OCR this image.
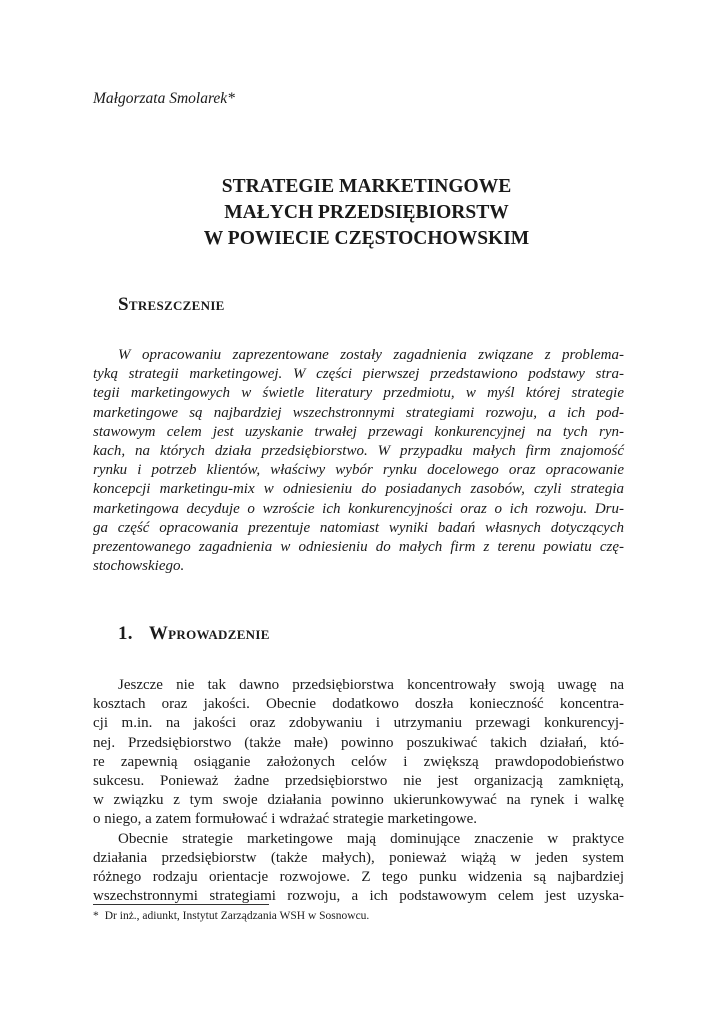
Małgorzata Smolarek*
STRATEGIE MARKETINGOWE
MAŁYCH PRZEDSIĘBIORSTW
W POWIECIE CZĘSTOCHOWSKIM
Streszczenie
W opracowaniu zaprezentowane zostały zagadnienia związane z problema-
tyką strategii marketingowej. W części pierwszej przedstawiono podstawy stra-
tegii marketingowych w świetle literatury przedmiotu, w myśl której strategie
marketingowe są najbardziej wszechstronnymi strategiami rozwoju, a ich pod-
stawowym celem jest uzyskanie trwałej przewagi konkurencyjnej na tych ryn-
kach, na których działa przedsiębiorstwo. W przypadku małych firm znajomość
rynku i potrzeb klientów, właściwy wybór rynku docelowego oraz opracowanie
koncepcji marketingu-mix w odniesieniu do posiadanych zasobów, czyli strategia
marketingowa decyduje o wzroście ich konkurencyjności oraz o ich rozwoju. Dru-
ga część opracowania prezentuje natomiast wyniki badań własnych dotyczących
prezentowanego zagadnienia w odniesieniu do małych firm z terenu powiatu czę-
stochowskiego.
1. Wprowadzenie
Jeszcze nie tak dawno przedsiębiorstwa koncentrowały swoją uwagę na
kosztach oraz jakości. Obecnie dodatkowo doszła konieczność koncentra-
cji m.in. na jakości oraz zdobywaniu i utrzymaniu przewagi konkurencyj-
nej. Przedsiębiorstwo (także małe) powinno poszukiwać takich działań, któ-
re zapewnią osiąganie założonych celów i zwiększą prawdopodobieństwo
sukcesu. Ponieważ żadne przedsiębiorstwo nie jest organizacją zamkniętą,
w związku z tym swoje działania powinno ukierunkowywać na rynek i walkę
o niego, a zatem formułować i wdrażać strategie marketingowe.
Obecnie strategie marketingowe mają dominujące znaczenie w praktyce
działania przedsiębiorstw (także małych), ponieważ wiążą w jeden system
różnego rodzaju orientacje rozwojowe. Z tego punku widzenia są najbardziej
wszechstronnymi strategiami rozwoju, a ich podstawowym celem jest uzyska-
* Dr inż., adiunkt, Instytut Zarządzania WSH w Sosnowcu.
